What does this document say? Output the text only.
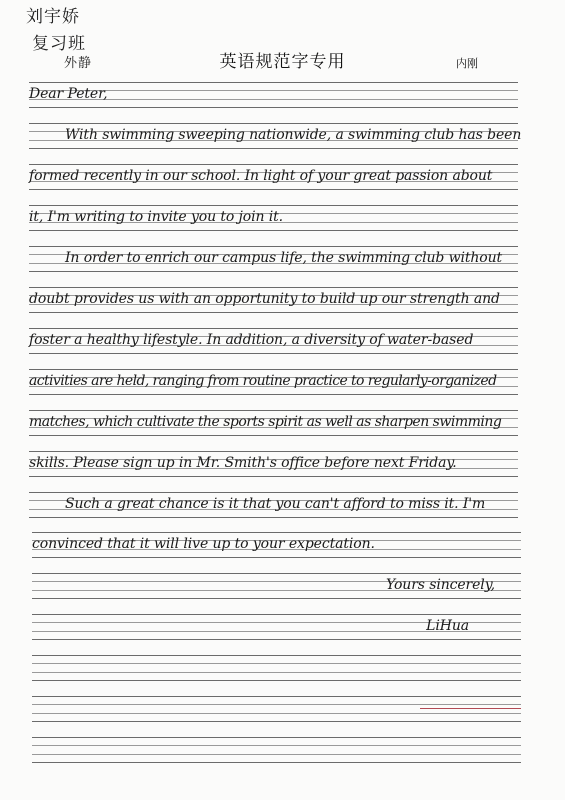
刘宇娇
复习班
外静	英语规范字专用	内刚
Dear Peter,
With swimming sweeping nationwide, a swimming club has been
formed recently in our school. In light of your great passion about
it, I'm writing to invite you to join it.
In order to enrich our campus life, the swimming club without
doubt provides us with an opportunity to build up our strength and
foster a healthy lifestyle. In addition, a diversity of water-based
activities are held, ranging from routine practice to regularly-organized
matches, which cultivate the sports spirit as well as sharpen swimming
skills. Please sign up in Mr. Smith's office before next Friday.
Such a great chance is it that you can't afford to miss it. I'm
convinced that it will live up to your expectation.
Yours sincerely,
LiHua
